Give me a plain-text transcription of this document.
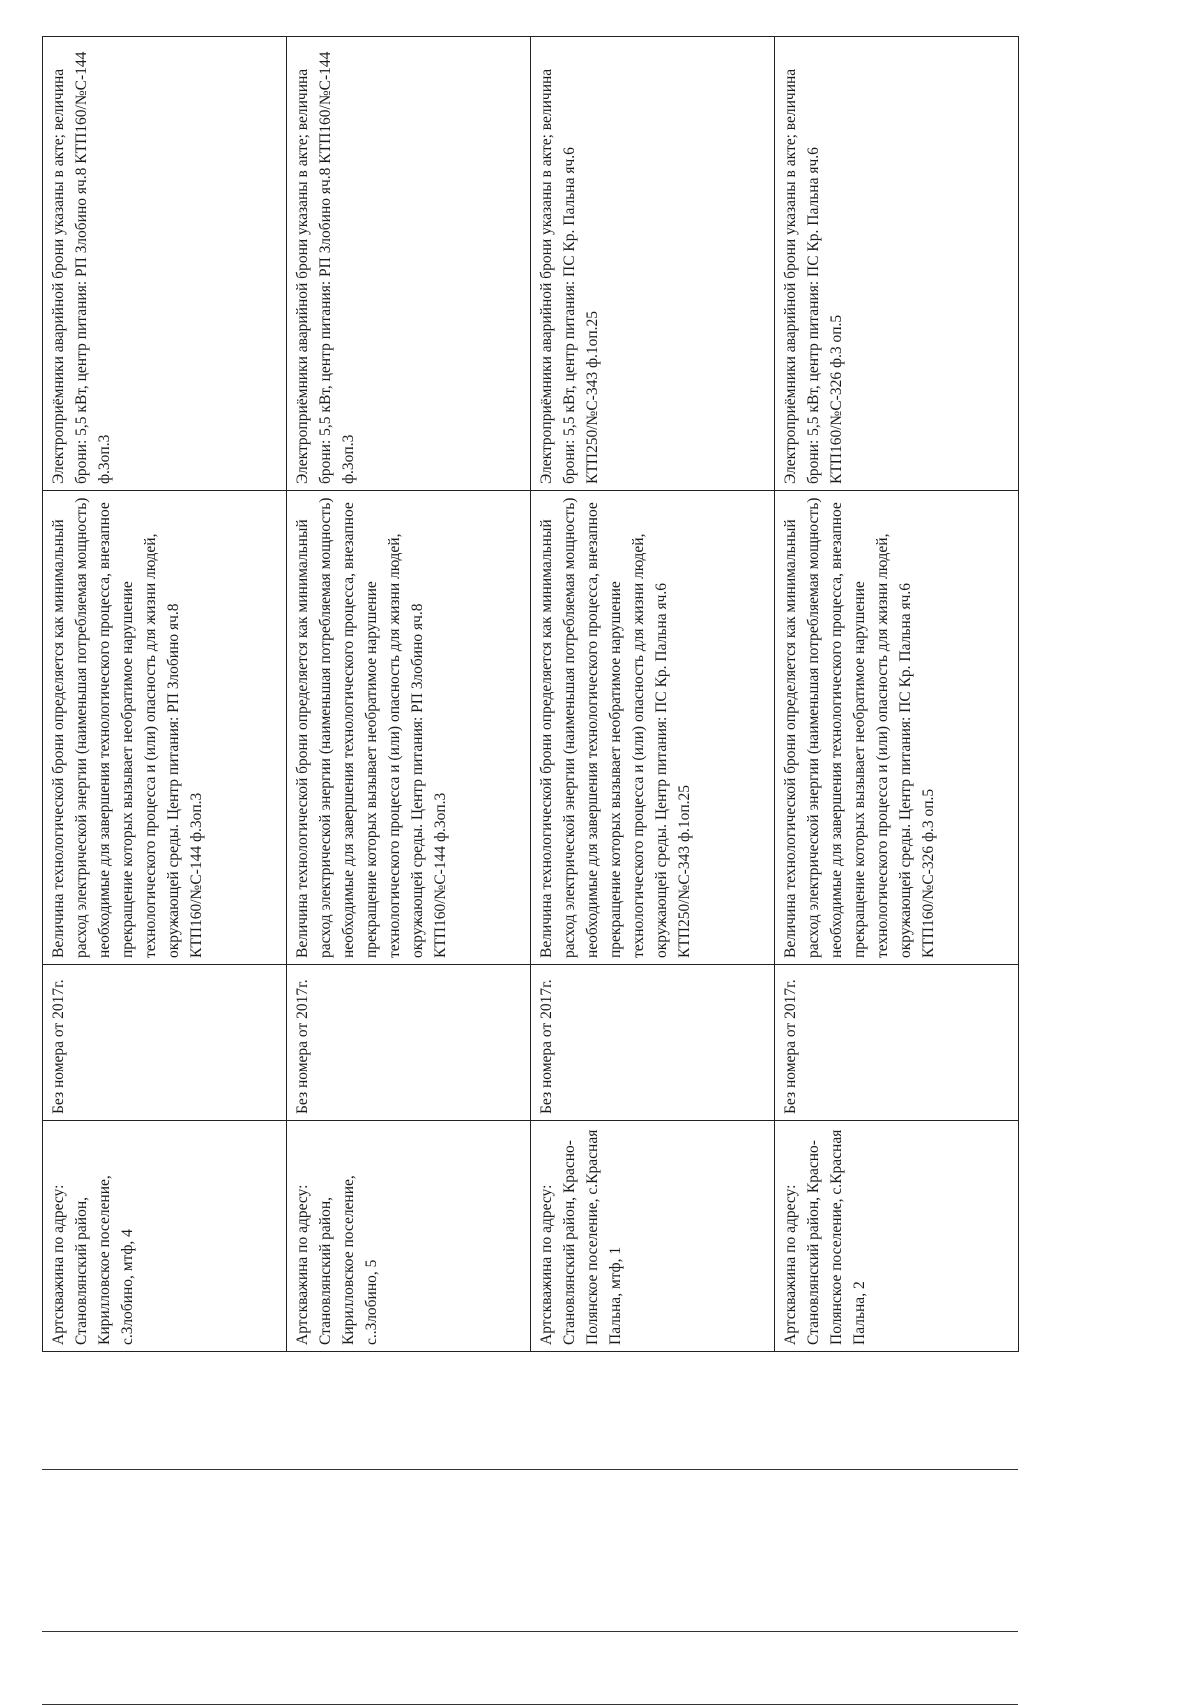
Артскважина по адресу: Становлянский район, Кирилловское поселение, с.Злобино, мтф, 4	Без номера от 2017г.	Величина технологической брони определяется как минимальный расход электрической энергии (наименьшая потребляемая мощность) необходимые для завершения технологического процесса, внезапное прекращение которых вызывает необратимое нарушение технологического процесса и (или) опасность для жизни людей, окружающей среды. Центр питания: РП Злобино яч.8 КТП160/№С-144 ф.3оп.3	Электроприёмники аварийной брони указаны в акте; величина брони: 5,5 кВт, центр питания: РП Злобино яч.8 КТП160/№С-144 ф.3оп.3
Артскважина по адресу: Становлянский район, Кирилловское поселение, с..Злобино, 5	Без номера от 2017г.	Величина технологической брони определяется как минимальный расход электрической энергии (наименьшая потребляемая мощность) необходимые для завершения технологического процесса, внезапное прекращение которых вызывает необратимое нарушение технологического процесса и (или) опасность для жизни людей, окружающей среды. Центр питания: РП Злобино яч.8 КТП160/№С-144 ф.3оп.3	Электроприёмники аварийной брони указаны в акте; величина брони: 5,5 кВт, центр питания: РП Злобино яч.8 КТП160/№С-144 ф.3оп.3
Артскважина по адресу: Становлянский район, Красно-Полянское поселение, с.Красная Пальна, мтф, 1	Без номера от 2017г.	Величина технологической брони определяется как минимальный расход электрической энергии (наименьшая потребляемая мощность) необходимые для завершения технологического процесса, внезапное прекращение которых вызывает необратимое нарушение технологического процесса и (или) опасность для жизни людей, окружающей среды. Центр питания: ПС Кр. Пальна яч.6 КТП250/№С-343 ф.1оп.25	Электроприёмники аварийной брони указаны в акте; величина брони: 5,5 кВт, центр питания: ПС Кр. Пальна яч.6 КТП250/№С-343 ф.1оп.25
Артскважина по адресу: Становлянский район, Красно-Полянское поселение, с.Красная Пальна, 2	Без номера от 2017г.	Величина технологической брони определяется как минимальный расход электрической энергии (наименьшая потребляемая мощность) необходимые для завершения технологического процесса, внезапное прекращение которых вызывает необратимое нарушение технологического процесса и (или) опасность для жизни людей, окружающей среды. Центр питания: ПС Кр. Пальна яч.6 КТП160/№С-326 ф.3 оп.5	Электроприёмники аварийной брони указаны в акте; величина брони: 5,5 кВт, центр питания: ПС Кр. Пальна яч.6 КТП160/№С-326 ф.3 оп.5
